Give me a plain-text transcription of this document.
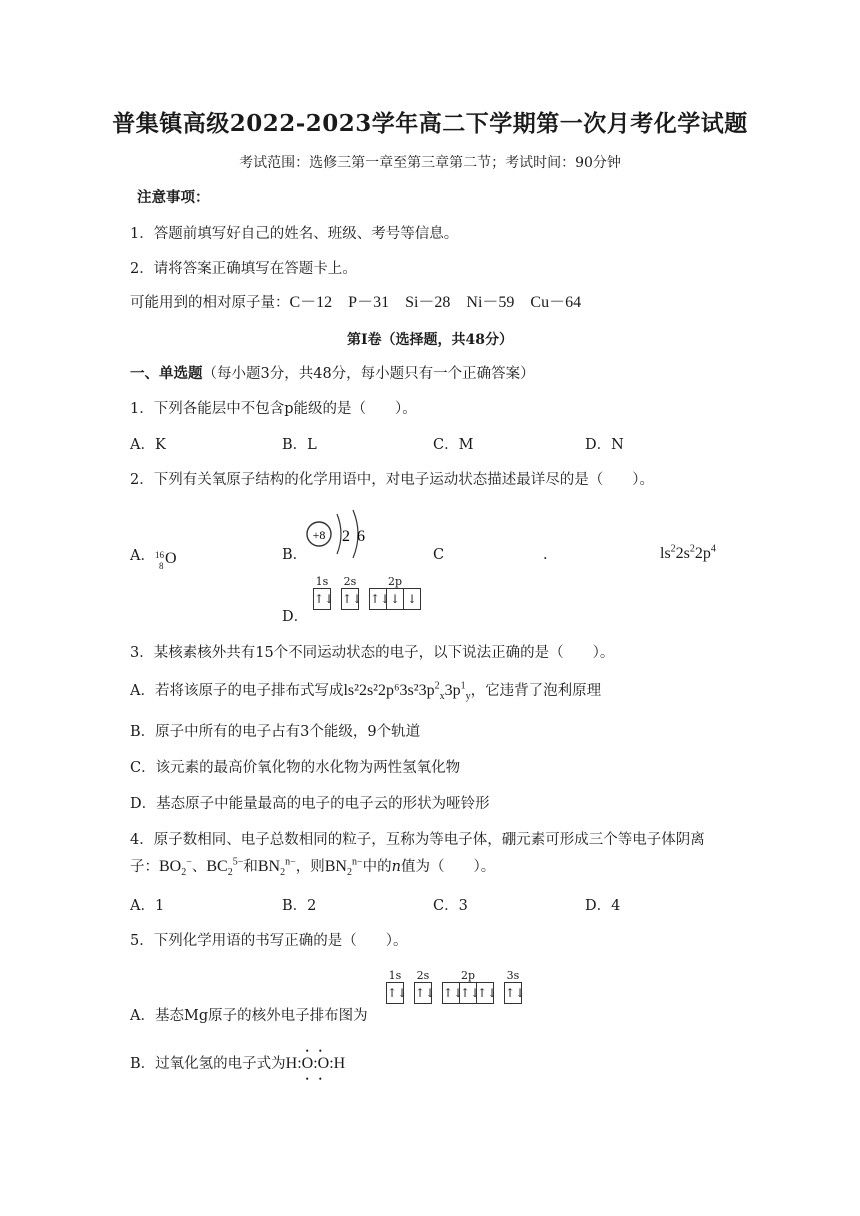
普集镇高级2022-2023学年高二下学期第一次月考化学试题
考试范围：选修三第一章至第三章第二节；考试时间：90分钟
注意事项：
1．答题前填写好自己的姓名、班级、考号等信息。
2．请将答案正确填写在答题卡上。
可能用到的相对原子量：C－12　P－31　Si－28　Ni－59　Cu－64
第Ⅰ卷（选择题，共48分）
一、单选题（每小题3分，共48分，每小题只有一个正确答案）
1．下列各能层中不包含p能级的是（　　）。
A．K	B．L	C．M	D．N
2．下列有关氧原子结构的化学用语中，对电子运动状态描述最详尽的是（　　）。
A． 16
8 O	B．
+8 2 6
C	.	$ls^22s^22p^4$
D．
1s
↑↓
2s
↑↓
2p
↑↓ ↓ ↓
3．某核素核外共有15个不同运动状态的电子，以下说法正确的是（　　）。
A．若将该原子的电子排布式写成$ls^22s^22p^63s^23p^2_x3p^1_y$，它违背了泡利原理
B．原子中所有的电子占有3个能级，9个轨道
C．该元素的最高价氧化物的水化物为两性氢氧化物
D．基态原子中能量最高的电子的电子云的形状为哑铃形
4．原子数相同、电子总数相同的粒子，互称为等电子体，硼元素可形成三个等电子体阴离
子：$BO_2^-$、$BC_2^{5-}$和$BN_2^{n-}$，则$BN_2^{n-}$中的n值为（　　）。
A．1	B．2	C．3	D．4
5．下列化学用语的书写正确的是（　　）。
A．基态Mg原子的核外电子排布图为
1s
↑↓
2s
↑↓
2p
↑↓
↑↓
↑↓
3s
↑↓
B．过氧化氢的电子式为
••
••
H:O:O:H
